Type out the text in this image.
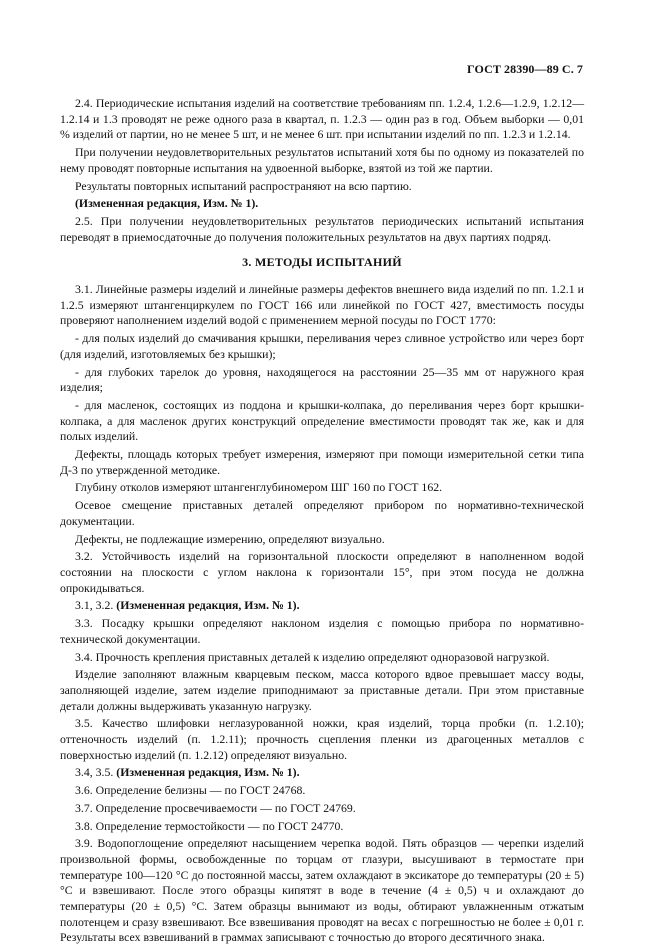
ГОСТ 28390—89 С. 7

2.4. Периодические испытания изделий на соответствие требованиям пп. 1.2.4, 1.2.6—1.2.9, 1.2.12—1.2.14 и 1.3 проводят не реже одного раза в квартал, п. 1.2.3 — один раз в год. Объем выборки — 0,01 % изделий от партии, но не менее 5 шт, и не менее 6 шт. при испытании изделий по пп. 1.2.3 и 1.2.14.

При получении неудовлетворительных результатов испытаний хотя бы по одному из показателей по нему проводят повторные испытания на удвоенной выборке, взятой из той же партии.

Результаты повторных испытаний распространяют на всю партию.

(Измененная редакция, Изм. № 1).

2.5. При получении неудовлетворительных результатов периодических испытаний испытания переводят в приемосдаточные до получения положительных результатов на двух партиях подряд.

3. МЕТОДЫ ИСПЫТАНИЙ

3.1. Линейные размеры изделий и линейные размеры дефектов внешнего вида изделий по пп. 1.2.1 и 1.2.5 измеряют штангенциркулем по ГОСТ 166 или линейкой по ГОСТ 427, вместимость посуды проверяют наполнением изделий водой с применением мерной посуды по ГОСТ 1770:

- для полых изделий до смачивания крышки, переливания через сливное устройство или через борт (для изделий, изготовляемых без крышки);

- для глубоких тарелок до уровня, находящегося на расстоянии 25—35 мм от наружного края изделия;

- для масленок, состоящих из поддона и крышки-колпака, до переливания через борт крышки-колпака, а для масленок других конструкций определение вместимости проводят так же, как и для полых изделий.

Дефекты, площадь которых требует измерения, измеряют при помощи измерительной сетки типа Д-3 по утвержденной методике.

Глубину отколов измеряют штангенглубиномером ШГ 160 по ГОСТ 162.

Осевое смещение приставных деталей определяют прибором по нормативно-технической документации.

Дефекты, не подлежащие измерению, определяют визуально.

3.2. Устойчивость изделий на горизонтальной плоскости определяют в наполненном водой состоянии на плоскости с углом наклона к горизонтали 15°, при этом посуда не должна опрокидываться.

3.1, 3.2. (Измененная редакция, Изм. № 1).

3.3. Посадку крышки определяют наклоном изделия с помощью прибора по нормативно-технической документации.

3.4. Прочность крепления приставных деталей к изделию определяют одноразовой нагрузкой.

Изделие заполняют влажным кварцевым песком, масса которого вдвое превышает массу воды, заполняющей изделие, затем изделие приподнимают за приставные детали. При этом приставные детали должны выдерживать указанную нагрузку.

3.5. Качество шлифовки неглазурованной ножки, края изделий, торца пробки (п. 1.2.10); оттеночность изделий (п. 1.2.11); прочность сцепления пленки из драгоценных металлов с поверхностью изделий (п. 1.2.12) определяют визуально.

3.4, 3.5. (Измененная редакция, Изм. № 1).

3.6. Определение белизны — по ГОСТ 24768.

3.7. Определение просвечиваемости — по ГОСТ 24769.

3.8. Определение термостойкости — по ГОСТ 24770.

3.9. Водопоглощение определяют насыщением черепка водой. Пять образцов — черепки изделий произвольной формы, освобожденные по торцам от глазури, высушивают в термостате при температуре 100—120 °С до постоянной массы, затем охлаждают в эксикаторе до температуры (20 ± 5) °С и взвешивают. После этого образцы кипятят в воде в течение (4 ± 0,5) ч и охлаждают до температуры (20 ± 0,5) °С. Затем образцы вынимают из воды, обтирают увлажненным отжатым полотенцем и сразу взвешивают. Все взвешивания проводят на весах с погрешностью не более ± 0,01 г. Результаты всех взвешиваний в граммах записывают с точностью до второго десятичного знака.
